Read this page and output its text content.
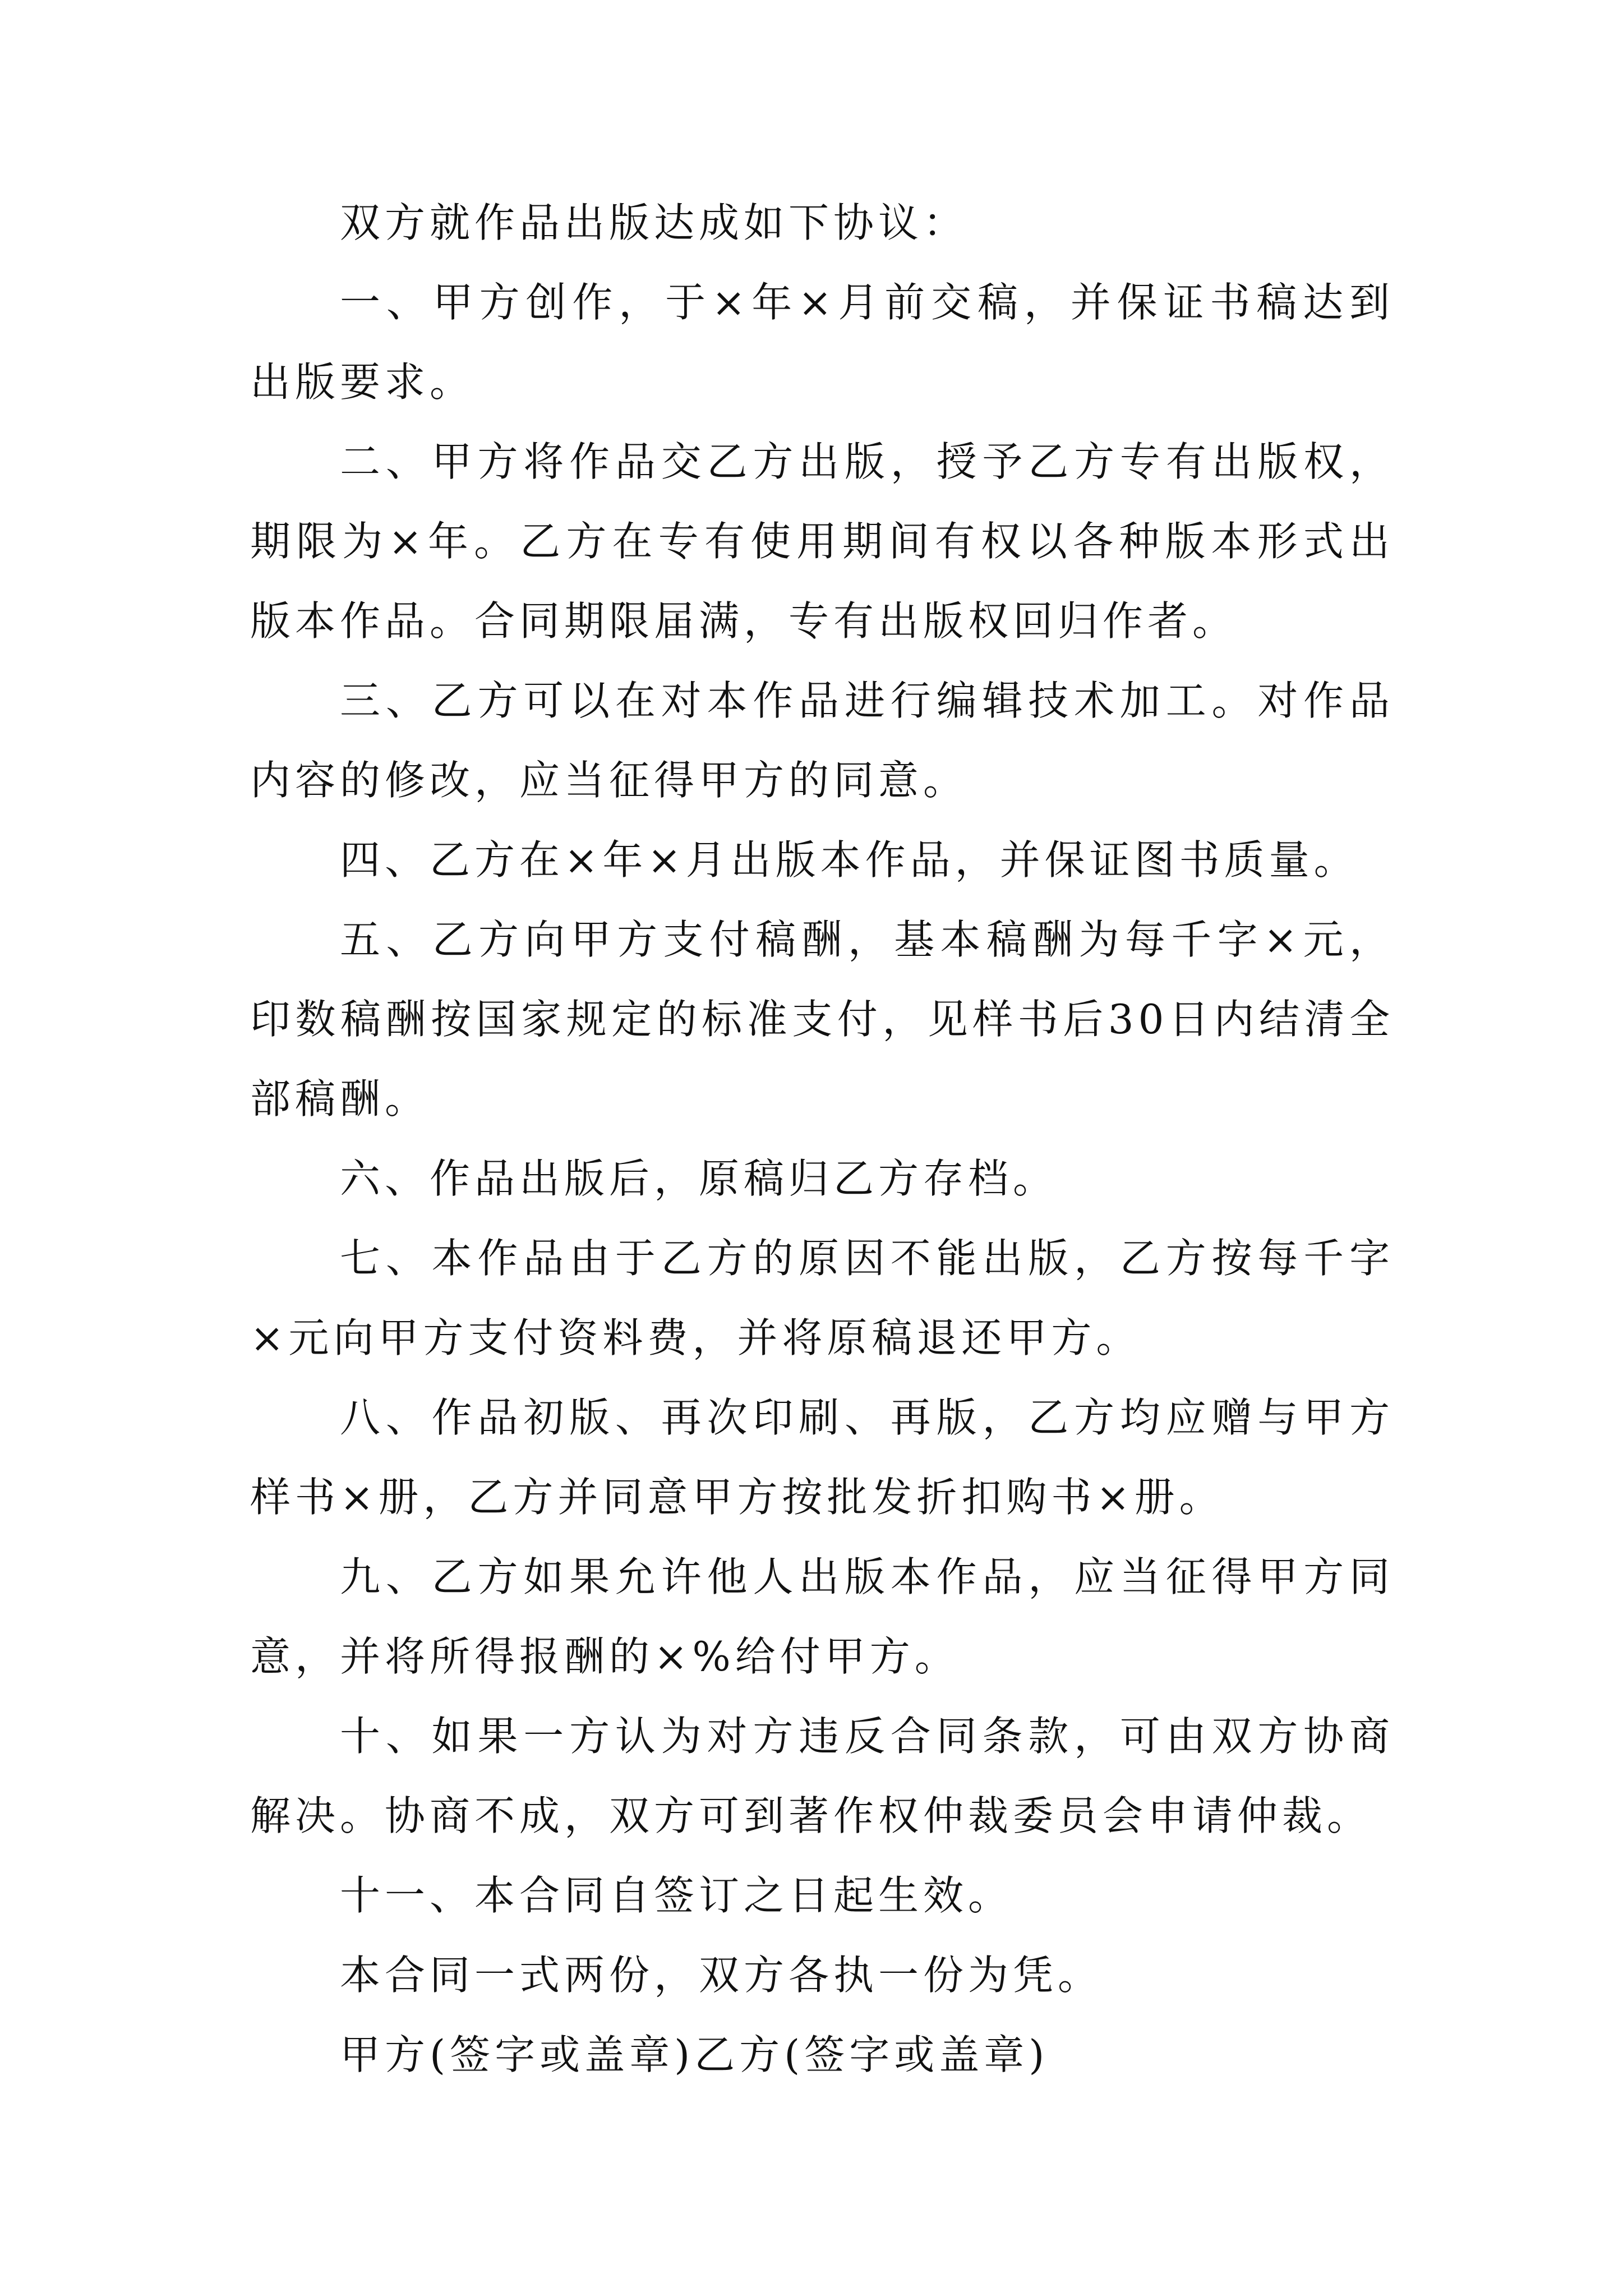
双方就作品出版达成如下协议：

一、甲方创作，于×年×月前交稿，并保证书稿达到出版要求。

二、甲方将作品交乙方出版，授予乙方专有出版权，期限为×年。乙方在专有使用期间有权以各种版本形式出版本作品。合同期限届满，专有出版权回归作者。

三、乙方可以在对本作品进行编辑技术加工。对作品内容的修改，应当征得甲方的同意。

四、乙方在×年×月出版本作品，并保证图书质量。

五、乙方向甲方支付稿酬，基本稿酬为每千字×元，印数稿酬按国家规定的标准支付，见样书后30日内结清全部稿酬。

六、作品出版后，原稿归乙方存档。

七、本作品由于乙方的原因不能出版，乙方按每千字×元向甲方支付资料费，并将原稿退还甲方。

八、作品初版、再次印刷、再版，乙方均应赠与甲方样书×册，乙方并同意甲方按批发折扣购书×册。

九、乙方如果允许他人出版本作品，应当征得甲方同意，并将所得报酬的×%给付甲方。

十、如果一方认为对方违反合同条款，可由双方协商解决。协商不成，双方可到著作权仲裁委员会申请仲裁。

十一、本合同自签订之日起生效。

本合同一式两份，双方各执一份为凭。

甲方(签字或盖章)乙方(签字或盖章)
